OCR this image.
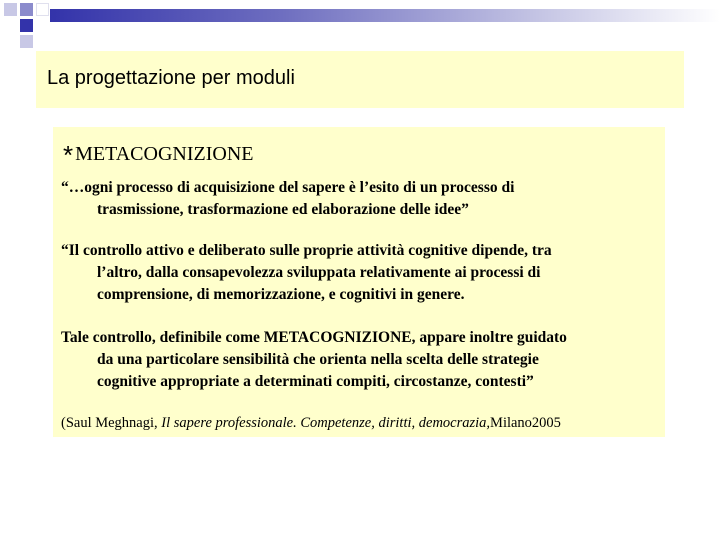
La progettazione per moduli
* METACOGNIZIONE

“…ogni processo di acquisizione del sapere è l’esito di un processo di
trasmissione, trasformazione ed elaborazione delle idee”

“Il controllo attivo e deliberato sulle proprie attività cognitive dipende, tra
l’altro, dalla consapevolezza sviluppata relativamente ai processi di
comprensione, di memorizzazione, e cognitivi in genere.

Tale controllo, definibile come METACOGNIZIONE, appare inoltre guidato
da una particolare sensibilità che orienta nella scelta delle strategie
cognitive appropriate a determinati compiti, circostanze, contesti”

(Saul Meghnagi, Il sapere professionale. Competenze, diritti, democrazia,Milano2005
